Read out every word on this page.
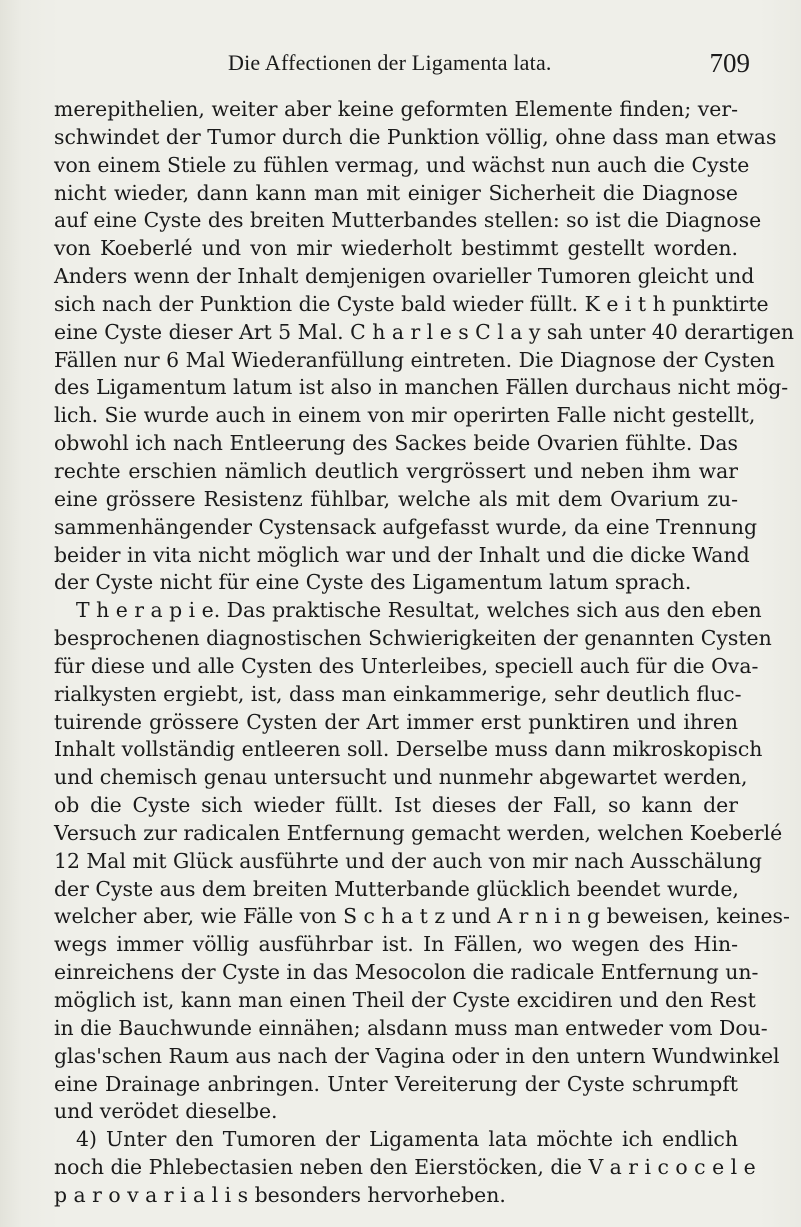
Die Affectionen der Ligamenta lata.	709
merepithelien, weiter aber keine geformten Elemente finden; ver-
schwindet der Tumor durch die Punktion völlig, ohne dass man etwas
von einem Stiele zu fühlen vermag, und wächst nun auch die Cyste
nicht wieder, dann kann man mit einiger Sicherheit die Diagnose
auf eine Cyste des breiten Mutterbandes stellen: so ist die Diagnose
von Koeberlé und von mir wiederholt bestimmt gestellt worden.
Anders wenn der Inhalt demjenigen ovarieller Tumoren gleicht und
sich nach der Punktion die Cyste bald wieder füllt. K e i t h punktirte
eine Cyste dieser Art 5 Mal. C h a r l e s C l a y sah unter 40 derartigen
Fällen nur 6 Mal Wiederanfüllung eintreten. Die Diagnose der Cysten
des Ligamentum latum ist also in manchen Fällen durchaus nicht mög-
lich. Sie wurde auch in einem von mir operirten Falle nicht gestellt,
obwohl ich nach Entleerung des Sackes beide Ovarien fühlte. Das
rechte erschien nämlich deutlich vergrössert und neben ihm war
eine grössere Resistenz fühlbar, welche als mit dem Ovarium zu-
sammenhängender Cystensack aufgefasst wurde, da eine Trennung
beider in vita nicht möglich war und der Inhalt und die dicke Wand
der Cyste nicht für eine Cyste des Ligamentum latum sprach.
T h e r a p i e. Das praktische Resultat, welches sich aus den eben
besprochenen diagnostischen Schwierigkeiten der genannten Cysten
für diese und alle Cysten des Unterleibes, speciell auch für die Ova-
rialkysten ergiebt, ist, dass man einkammerige, sehr deutlich fluc-
tuirende grössere Cysten der Art immer erst punktiren und ihren
Inhalt vollständig entleeren soll. Derselbe muss dann mikroskopisch
und chemisch genau untersucht und nunmehr abgewartet werden,
ob die Cyste sich wieder füllt. Ist dieses der Fall, so kann der
Versuch zur radicalen Entfernung gemacht werden, welchen Koeberlé
12 Mal mit Glück ausführte und der auch von mir nach Ausschälung
der Cyste aus dem breiten Mutterbande glücklich beendet wurde,
welcher aber, wie Fälle von S c h a t z und A r n i n g beweisen, keines-
wegs immer völlig ausführbar ist. In Fällen, wo wegen des Hin-
einreichens der Cyste in das Mesocolon die radicale Entfernung un-
möglich ist, kann man einen Theil der Cyste excidiren und den Rest
in die Bauchwunde einnähen; alsdann muss man entweder vom Dou-
glas'schen Raum aus nach der Vagina oder in den untern Wundwinkel
eine Drainage anbringen. Unter Vereiterung der Cyste schrumpft
und verödet dieselbe.
4) Unter den Tumoren der Ligamenta lata möchte ich endlich
noch die Phlebectasien neben den Eierstöcken, die V a r i c o c e l e
p a r o v a r i a l i s besonders hervorheben.
